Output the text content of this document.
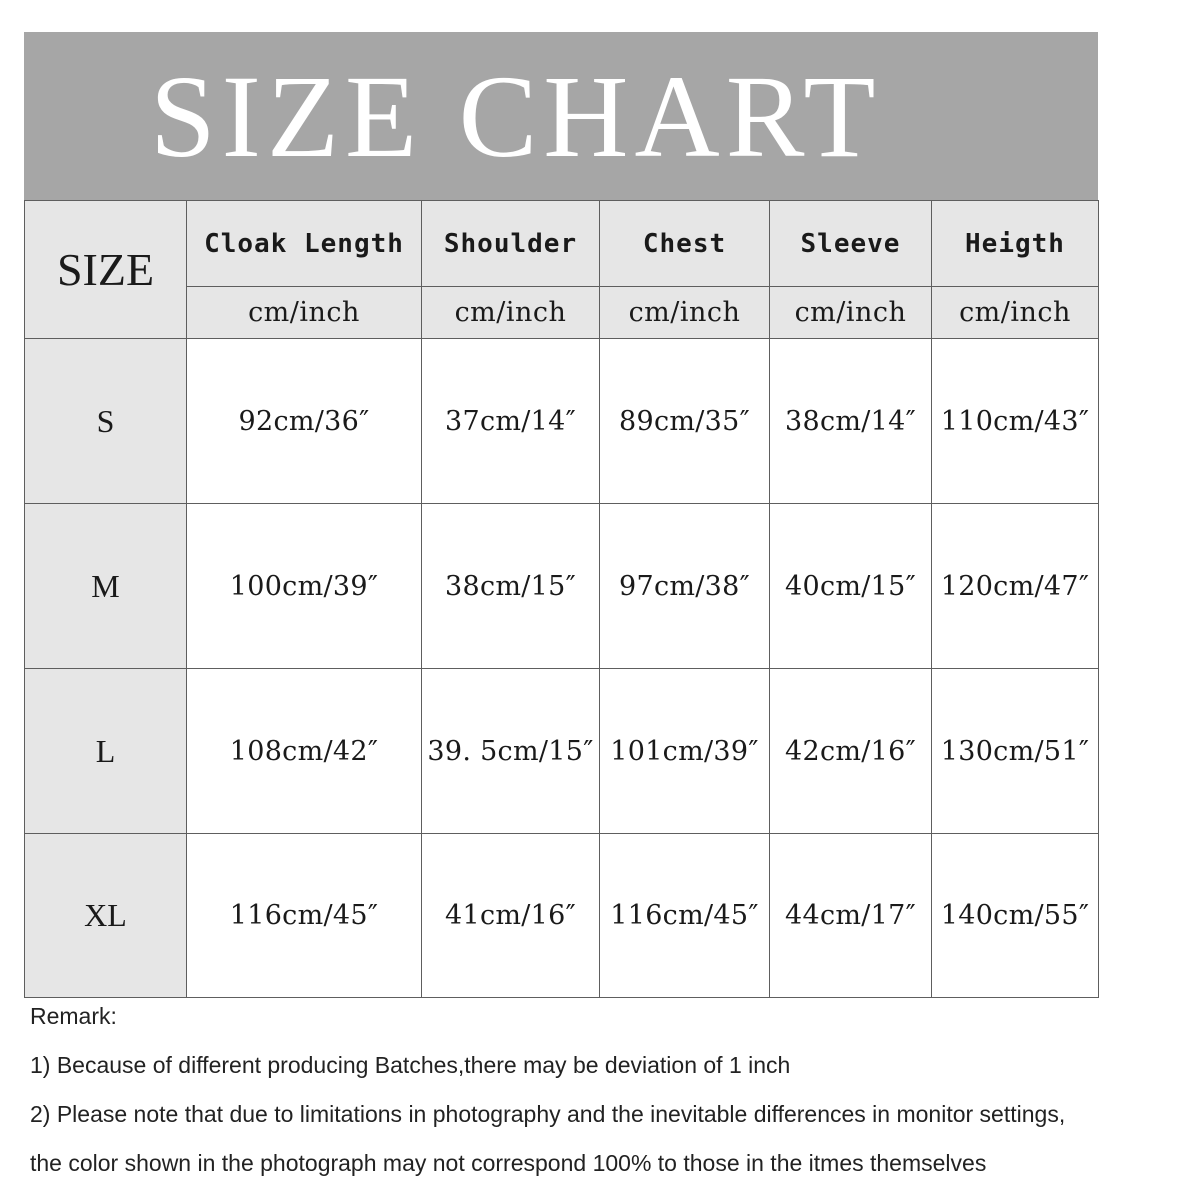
SIZE CHART
SIZE	Cloak Length	Shoulder	Chest	Sleeve	Heigth
	cm/inch	cm/inch	cm/inch	cm/inch	cm/inch
S	92cm/36″	37cm/14″	89cm/35″	38cm/14″	110cm/43″
M	100cm/39″	38cm/15″	97cm/38″	40cm/15″	120cm/47″
L	108cm/42″	39. 5cm/15″	101cm/39″	42cm/16″	130cm/51″
XL	116cm/45″	41cm/16″	116cm/45″	44cm/17″	140cm/55″

Remark:

1) Because of different producing Batches,there may be deviation of 1 inch

2) Please note that due to limitations in photography and the inevitable differences in monitor settings,

the color shown in the photograph may not correspond 100% to those in the itmes themselves
